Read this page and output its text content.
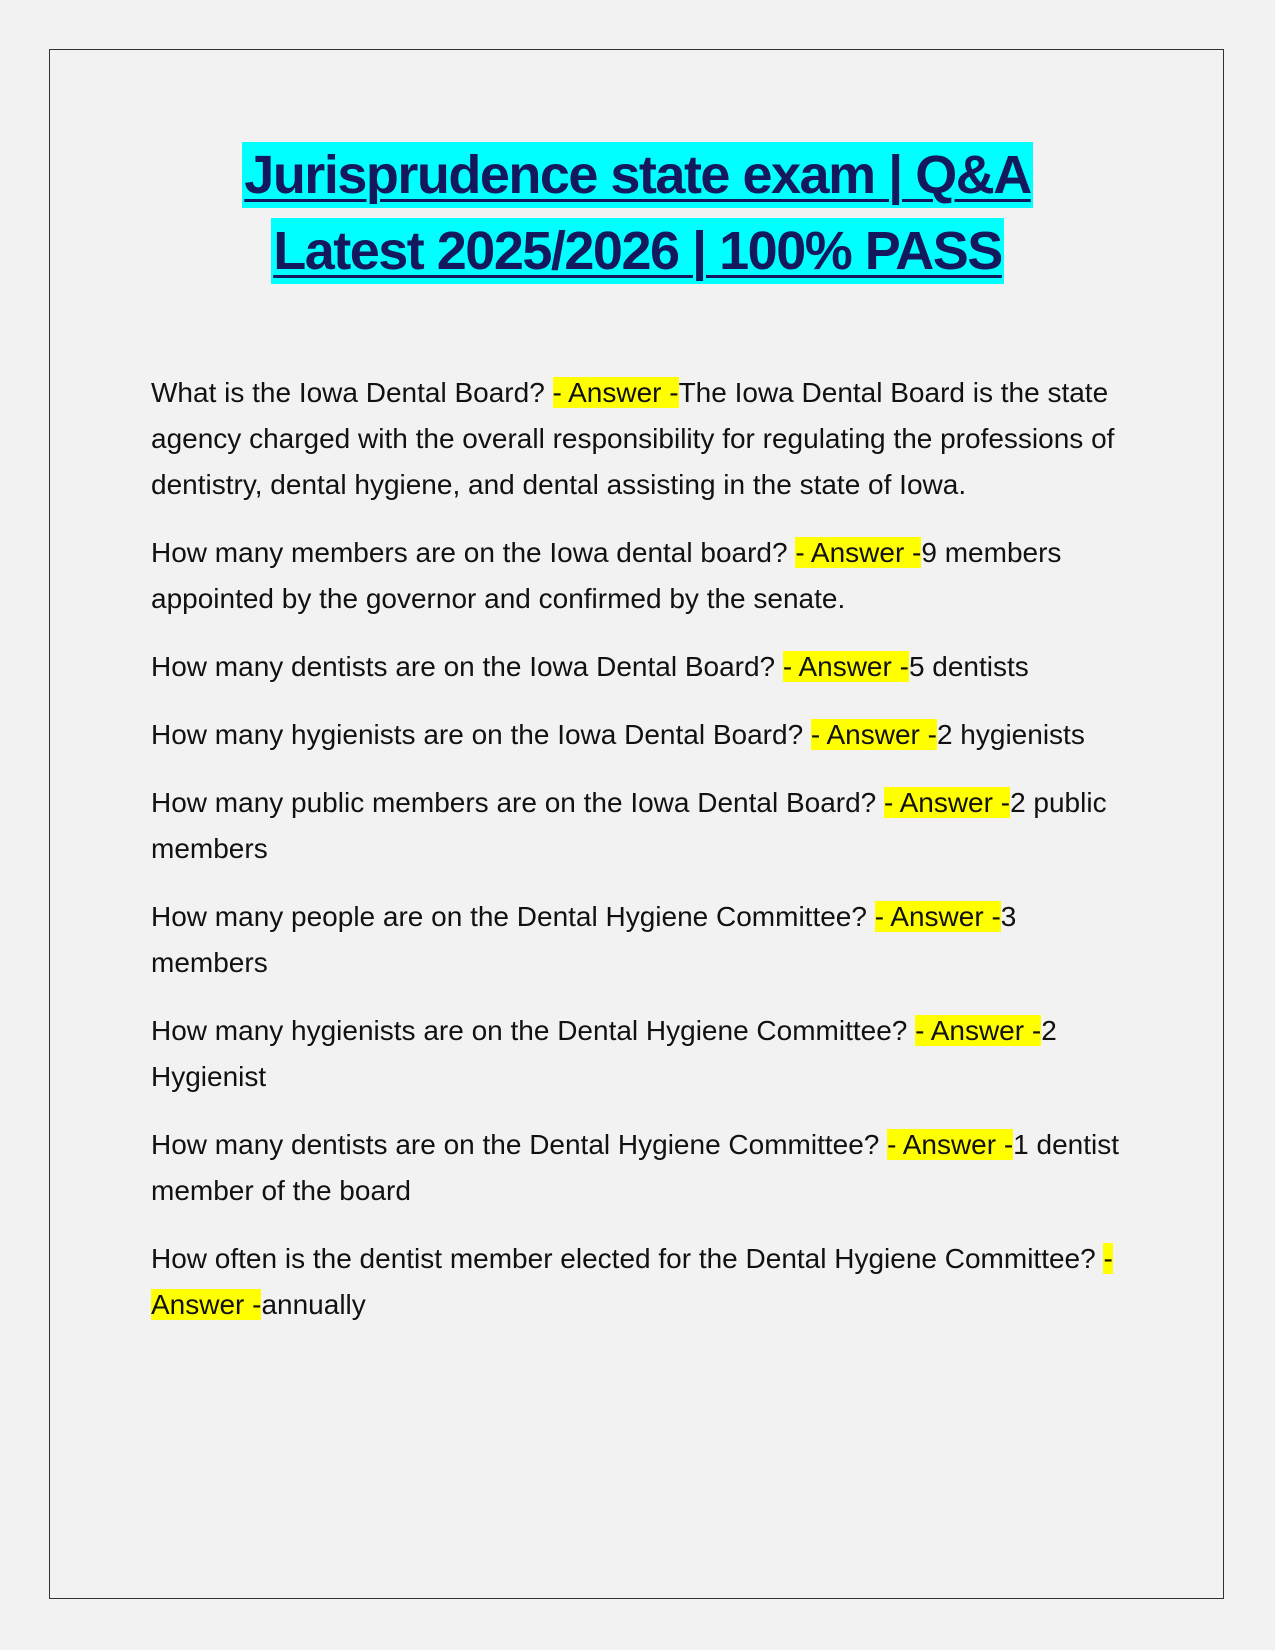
Jurisprudence state exam | Q&A
Latest 2025/2026 | 100% PASS

What is the Iowa Dental Board? - Answer -The Iowa Dental Board is the state agency charged with the overall responsibility for regulating the professions of dentistry, dental hygiene, and dental assisting in the state of Iowa.

How many members are on the Iowa dental board? - Answer -9 members appointed by the governor and confirmed by the senate.

How many dentists are on the Iowa Dental Board? - Answer -5 dentists

How many hygienists are on the Iowa Dental Board? - Answer -2 hygienists

How many public members are on the Iowa Dental Board? - Answer -2 public members

How many people are on the Dental Hygiene Committee? - Answer -3 members

How many hygienists are on the Dental Hygiene Committee? - Answer -2 Hygienist

How many dentists are on the Dental Hygiene Committee? - Answer -1 dentist member of the board

How often is the dentist member elected for the Dental Hygiene Committee? - Answer -annually
